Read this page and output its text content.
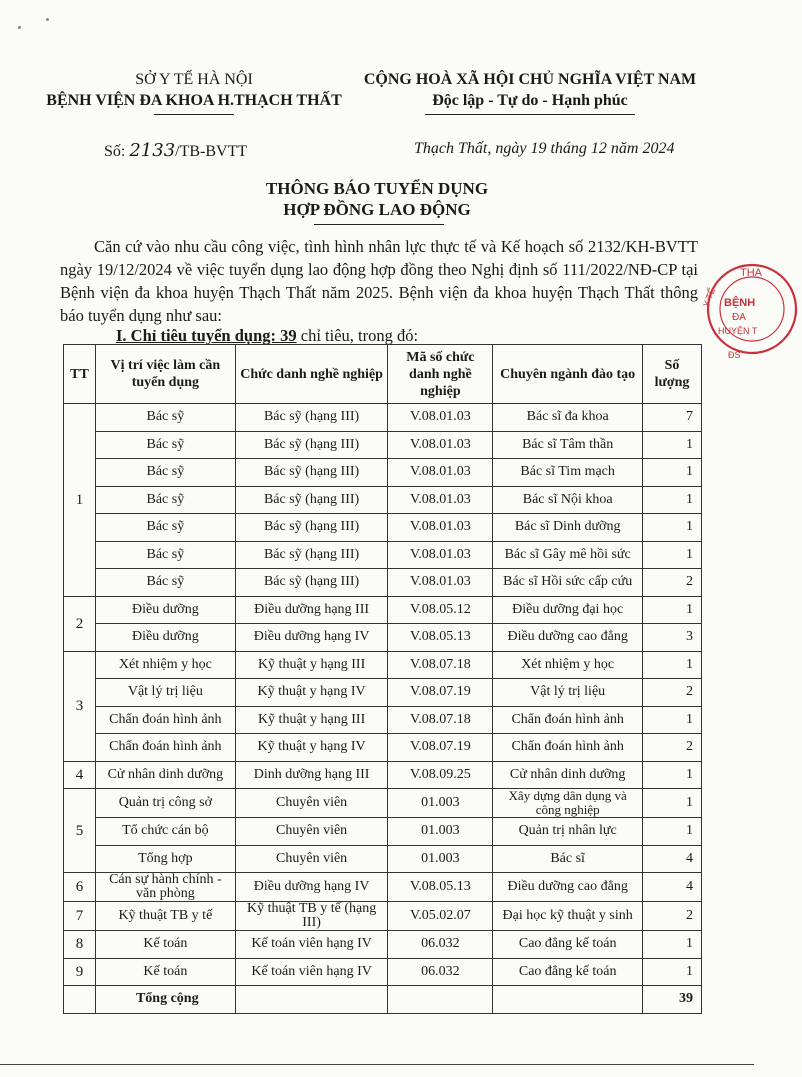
SỞ Y TẾ HÀ NỘI
BỆNH VIỆN ĐA KHOA H.THẠCH THẤT
CỘNG HOÀ XÃ HỘI CHỦ NGHĨA VIỆT NAM
Độc lập - Tự do - Hạnh phúc
Số: 2133/TB-BVTT	Thạch Thất, ngày 19 tháng 12 năm 2024
THÔNG BÁO TUYỂN DỤNG
HỢP ĐỒNG LAO ĐỘNG
Căn cứ vào nhu cầu công việc, tình hình nhân lực thực tế và Kế hoạch số 2132/KH-BVTT ngày 19/12/2024 về việc tuyển dụng lao động hợp đồng theo Nghị định số 111/2022/NĐ-CP tại Bệnh viện đa khoa huyện Thạch Thất năm 2025. Bệnh viện đa khoa huyện Thạch Thất thông báo tuyển dụng như sau:
I. Chỉ tiêu tuyển dụng: 39 chỉ tiêu, trong đó:
THẠ
BỆNH
ĐA
HUYỆN T
Y TẾ
ĐS
TT	Vị trí việc làm cần tuyển dụng	Chức danh nghề nghiệp	Mã số chức danh nghề nghiệp	Chuyên ngành đào tạo	Số lượng
1	Bác sỹ	Bác sỹ (hạng III)	V.08.01.03	Bác sĩ đa khoa	7
	Bác sỹ	Bác sỹ (hạng III)	V.08.01.03	Bác sĩ Tâm thần	1
	Bác sỹ	Bác sỹ (hạng III)	V.08.01.03	Bác sĩ Tim mạch	1
	Bác sỹ	Bác sỹ (hạng III)	V.08.01.03	Bác sĩ Nội khoa	1
	Bác sỹ	Bác sỹ (hạng III)	V.08.01.03	Bác sĩ Dinh dưỡng	1
	Bác sỹ	Bác sỹ (hạng III)	V.08.01.03	Bác sĩ Gây mê hồi sức	1
	Bác sỹ	Bác sỹ (hạng III)	V.08.01.03	Bác sĩ Hồi sức cấp cứu	2
2	Điều dưỡng	Điều dưỡng hạng III	V.08.05.12	Điều dưỡng đại học	1
	Điều dưỡng	Điều dưỡng hạng IV	V.08.05.13	Điều dưỡng cao đẳng	3
3	Xét nhiệm y học	Kỹ thuật y hạng III	V.08.07.18	Xét nhiệm y học	1
	Vật lý trị liệu	Kỹ thuật y hạng IV	V.08.07.19	Vật lý trị liệu	2
	Chẩn đoán hình ảnh	Kỹ thuật y hạng III	V.08.07.18	Chẩn đoán hình ảnh	1
	Chẩn đoán hình ảnh	Kỹ thuật y hạng IV	V.08.07.19	Chẩn đoán hình ảnh	2
4	Cử nhân dinh dưỡng	Dinh dưỡng hạng III	V.08.09.25	Cử nhân dinh dưỡng	1
5	Quản trị công sở	Chuyên viên	01.003	Xây dựng dân dụng và công nghiệp	1
	Tổ chức cán bộ	Chuyên viên	01.003	Quản trị nhân lực	1
	Tổng hợp	Chuyên viên	01.003	Bác sĩ	4
6	Cán sự hành chính - văn phòng	Điều dưỡng hạng IV	V.08.05.13	Điều dưỡng cao đẳng	4
7	Kỹ thuật TB y tế	Kỹ thuật TB y tế (hạng III)	V.05.02.07	Đại học kỹ thuật y sinh	2
8	Kế toán	Kế toán viên hạng IV	06.032	Cao đẳng kế toán	1
9	Kế toán	Kế toán viên hạng IV	06.032	Cao đẳng kế toán	1
	Tổng cộng				39
